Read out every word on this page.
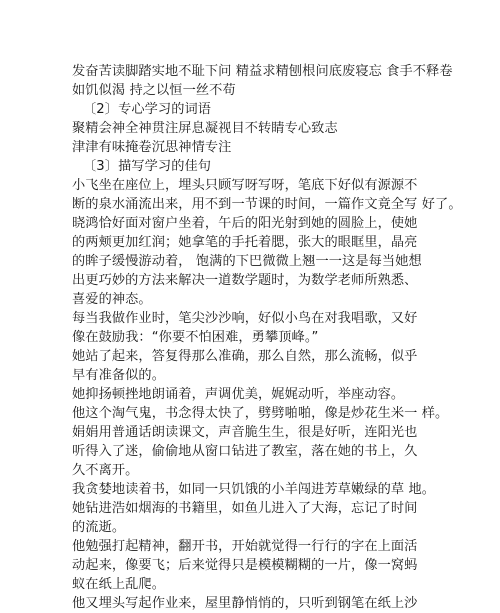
发奋苦读脚踏实地不耻下问 精益求精刨根问底废寝忘 食手不释卷
如饥似渴 持之以恒一丝不苟
〔2〕专心学习的词语
聚精会神全神贯注屏息凝视目不转睛专心致志
津津有味掩卷沉思神情专注
〔3〕描写学习的佳句
小飞坐在座位上，埋头只顾写呀写呀，笔底下好似有源源不
断的泉水涌流出来，用不到一节课的时间，一篇作文竟全写 好了。
晓鸿恰好面对窗户坐着，午后的阳光射到她的圆脸上，使她
的两颊更加红润；她拿笔的手托着腮，张大的眼眶里，晶亮
的眸子缓慢游动着， 饱满的下巴微微上翘一一这是每当她想
出更巧妙的方法来解决一道数学题时，为数学老师所熟悉、
喜爱的神态。
每当我做作业时，笔尖沙沙响，好似小鸟在对我唱歌，又好
像在鼓励我：“你要不怕困难，勇攀顶峰。”
她站了起来，答复得那么准确，那么自然，那么流畅，似乎
早有准备似的。
她抑扬顿挫地朗诵着，声调优美，娓娓动听，举座动容。
他这个淘气鬼，书念得太快了，劈劈啪啪，像是炒花生米一 样。
娟娟用普通话朗读课文，声音脆生生，很是好听，连阳光也
听得入了迷，偷偷地从窗口钻进了教室，落在她的书上，久
久不离开。
我贪婪地读着书，如同一只饥饿的小羊闯进芳草嫩绿的草 地。
她钻进浩如烟海的书籍里，如鱼儿进入了大海，忘记了时间
的流逝。
他勉强打起精神，翻开书，开始就觉得一行行的字在上面活
动起来，像要飞；后来觉得只是模模糊糊的一片，像一窝蚂
蚁在纸上乱爬。
他又埋头写起作业来，屋里静悄悄的，只听到钢笔在纸上沙
